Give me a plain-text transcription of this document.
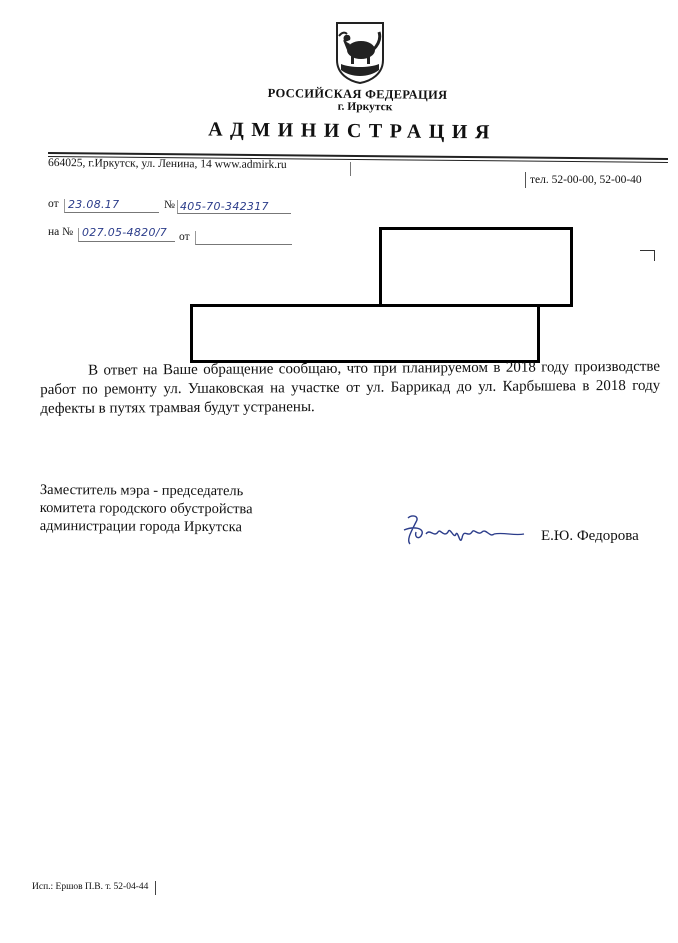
РОССИЙСКАЯ ФЕДЕРАЦИЯ
г. Иркутск
АДМИНИСТРАЦИЯ
664025, г.Иркутск, ул. Ленина, 14 www.admirk.ru
тел. 52-00-00, 52-00-40
от 23.08.17	№ 405-70-342317
на № 027.05-4820/7 от

В ответ на Ваше обращение сообщаю, что при планируемом в 2018 году производстве работ по ремонту ул. Ушаковская на участке от ул. Баррикад до ул. Карбышева в 2018 году дефекты в путях трамвая будут устранены.

Заместитель мэра - председатель
комитета городского обустройства
администрации города Иркутска
Е.Ю. Федорова
Исп.: Ершов П.В. т. 52-04-44
